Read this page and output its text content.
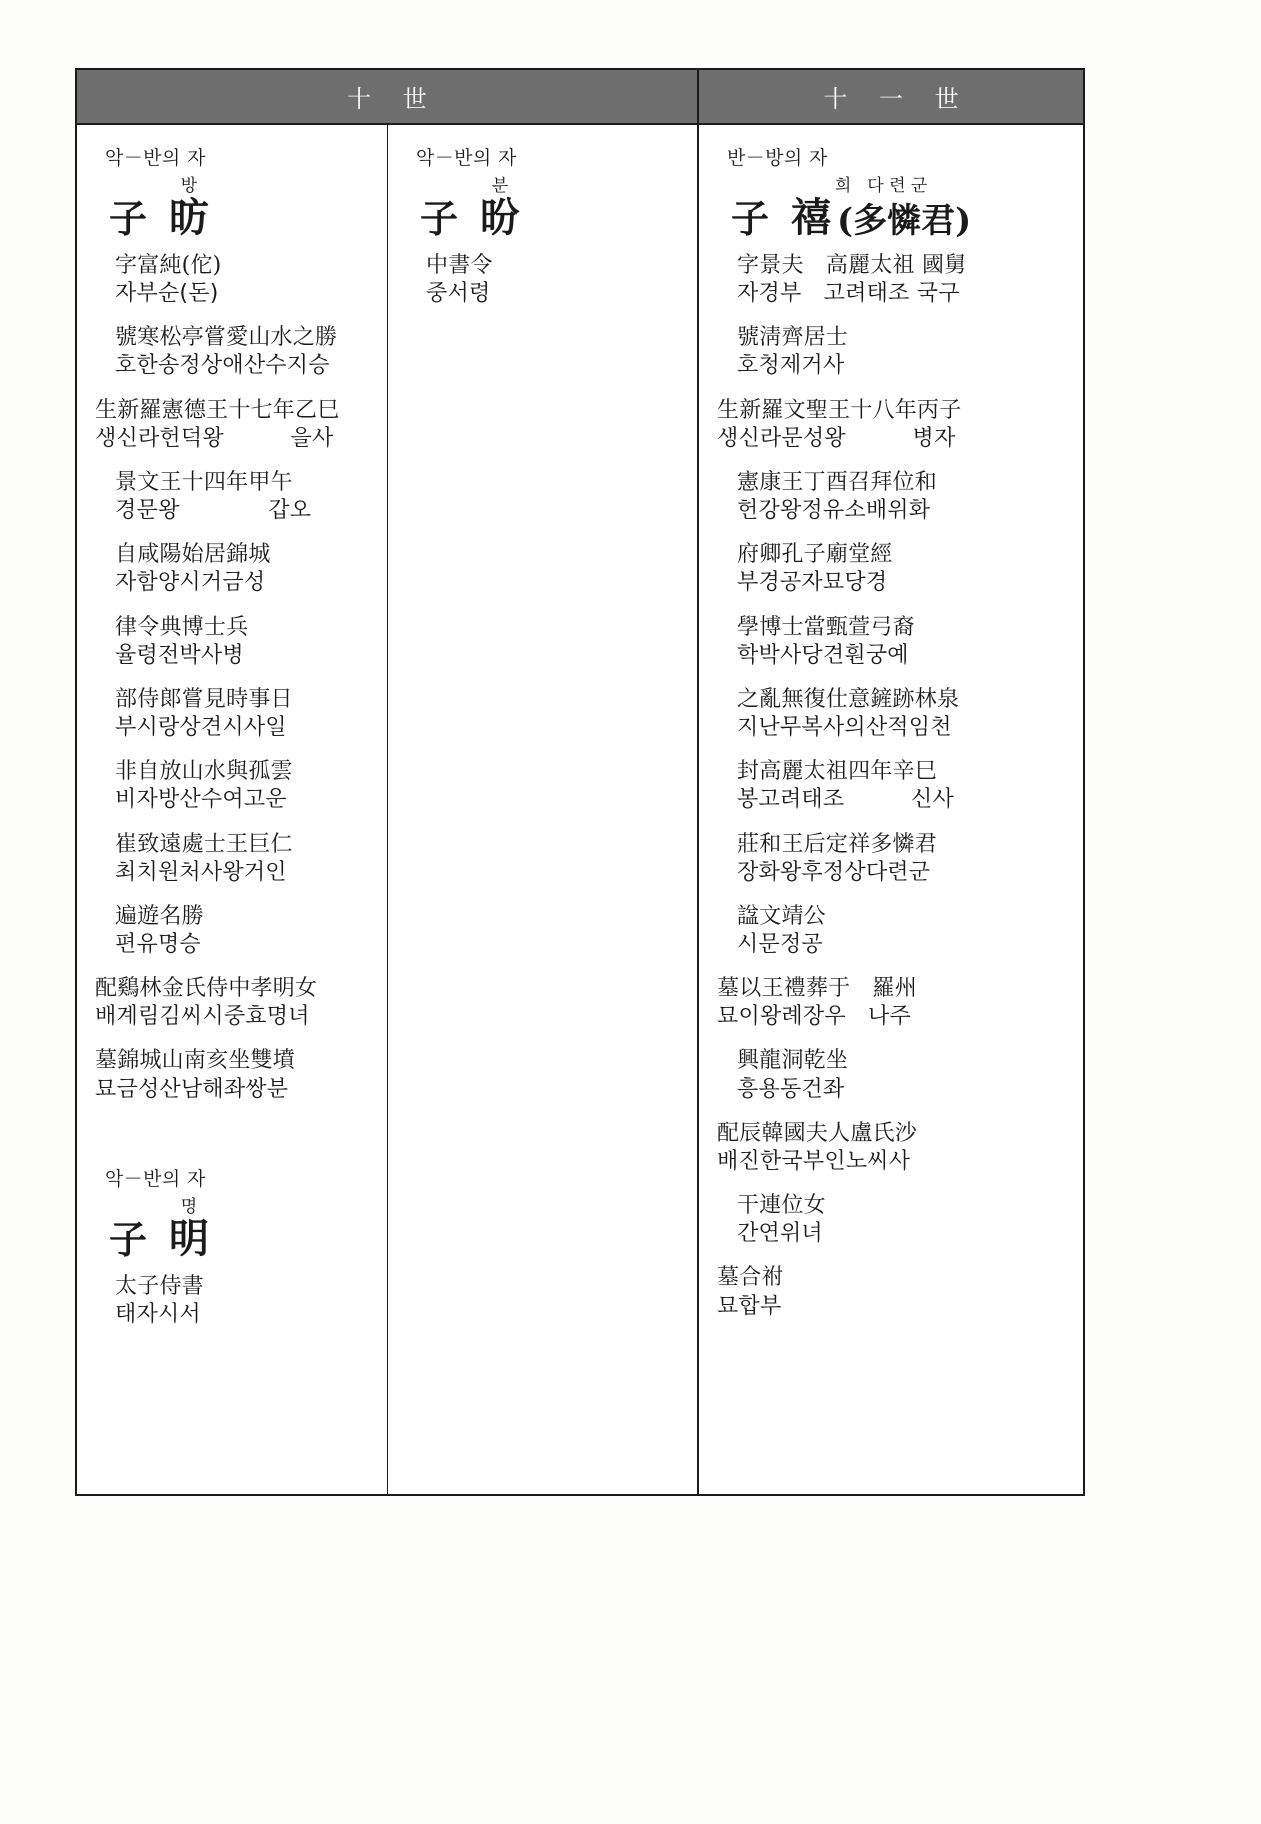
十 世	十 一 世
악－반의 자
子
방
昉
字富純(佗)
자부순(돈)
號寒松亭嘗愛山水之勝
호한송정상애산수지승
生新羅憲德王十七年乙巳
생신라헌덕왕　　　을사
景文王十四年甲午
경문왕　　　　갑오
自咸陽始居錦城
자함양시거금성
律令典博士兵
율령전박사병
部侍郞嘗見時事日
부시랑상견시사일
非自放山水與孤雲
비자방산수여고운
崔致遠處士王巨仁
최치원처사왕거인
遍遊名勝
편유명승
配鷄林金氏侍中孝明女
배계림김씨시중효명녀
墓錦城山南亥坐雙墳
묘금성산남해좌쌍분
악－반의 자
子
명
明
太子侍書
태자시서
악－반의 자
子
분
昐
中書令
중서령
반－방의 자
子
희 다 련 군
禧 (多憐君)
字景夫　高麗太祖 國舅
자경부　고려태조 국구
號淸齊居士
호청제거사
生新羅文聖王十八年丙子
생신라문성왕　　　병자
憲康王丁酉召拜位和
헌강왕정유소배위화
府卿孔子廟堂經
부경공자묘당경
學博士當甄萱弓裔
학박사당견훤궁예
之亂無復仕意鏟跡林泉
지난무복사의산적임천
封高麗太祖四年辛巳
봉고려태조　　　신사
莊和王后定祥多憐君
장화왕후정상다련군
諡文靖公
시문정공
墓以王禮葬于　羅州
묘이왕례장우　나주
興龍洞乾坐
흥용동건좌
配辰韓國夫人盧氏沙
배진한국부인노씨사
干連位女
간연위녀
墓合祔
묘합부
